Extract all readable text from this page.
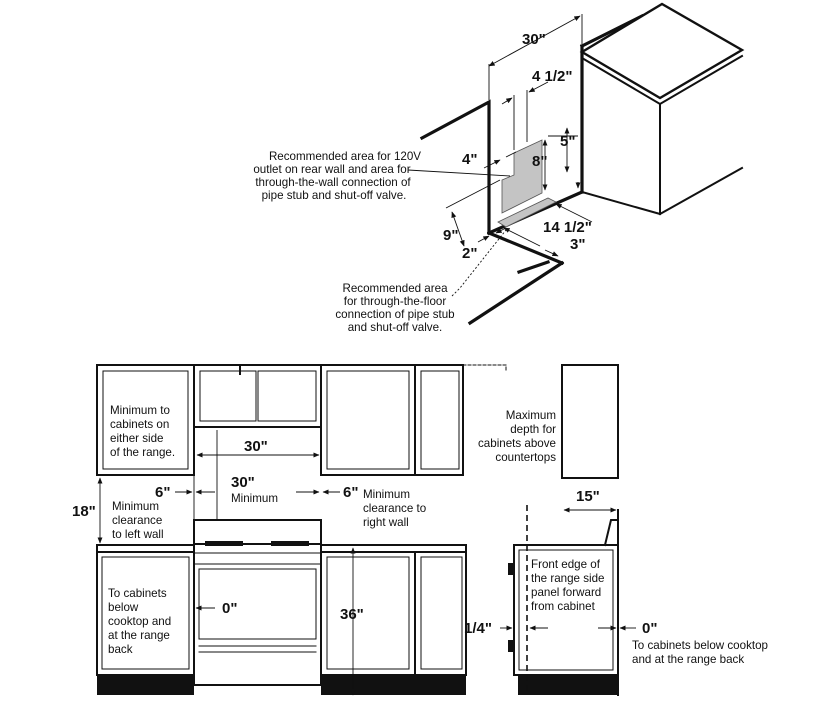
30"
4 1/2"
5"
4"	8"
9"
2"
14 1/2"
3"
Recommended area for 120V
outlet on rear wall and area for
through-the-wall connection of
pipe stub and shut-off valve.
Recommended area
for through-the-floor
connection of pipe stub
and shut-off valve.
Minimum to
cabinets on
either side
of the range.	30"
30"
Minimum
6"	6"
18" Minimum
clearance
to left wall
Minimum
clearance to
right wall
To cabinets
below
cooktop and
at the range
back
0"	36"
Maximum
depth for
cabinets above
countertops
15"
Front edge of
the range side
panel forward
from cabinet
1/4"	0"
To cabinets below cooktop
and at the range back
